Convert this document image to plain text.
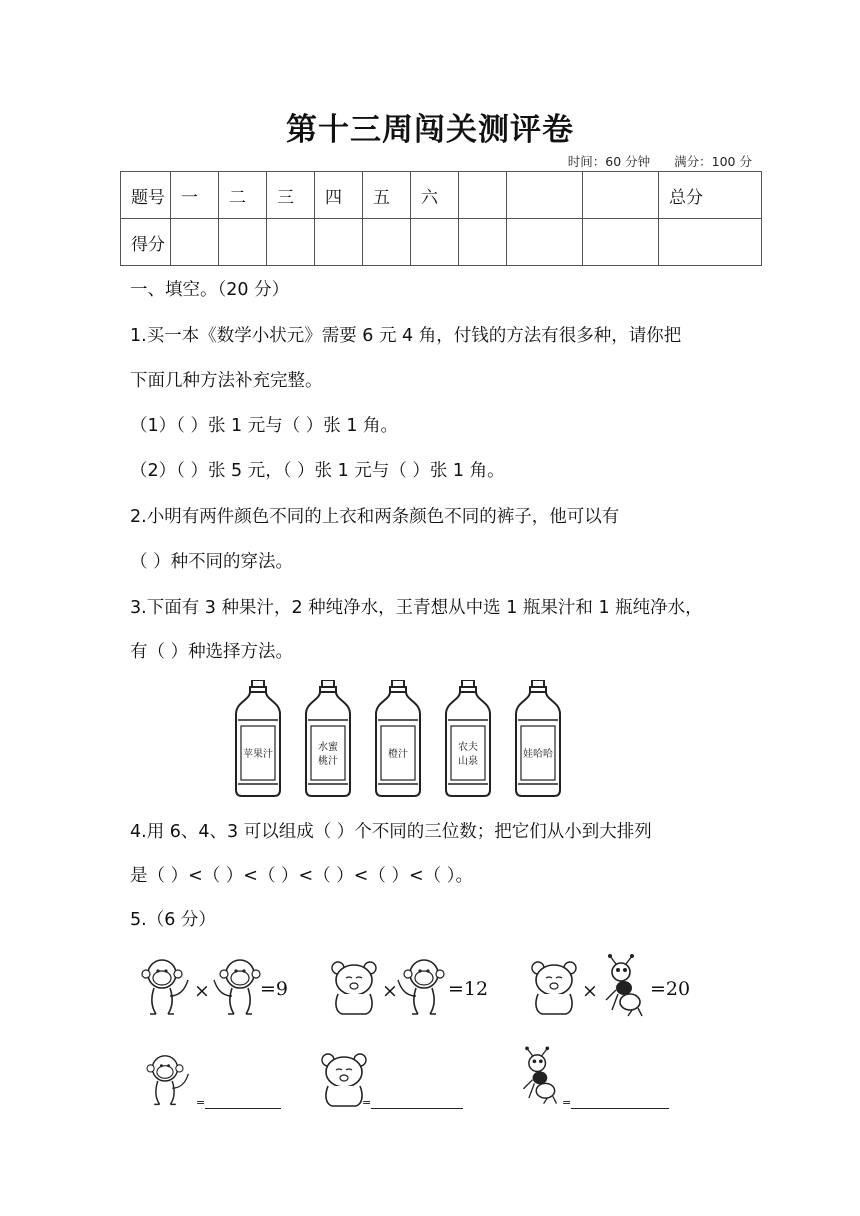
第十三周闯关测评卷
时间：60 分钟 满分：100 分
题号	一	二	三	四	五	六				总分
得分										
一、填空。（20 分）
1.买一本《数学小状元》需要 6 元 4 角，付钱的方法有很多种，请你把
下面几种方法补充完整。
（1）（ ）张 1 元与（ ）张 1 角。
（2）（ ）张 5 元，（ ）张 1 元与（ ）张 1 角。
2.小明有两件颜色不同的上衣和两条颜色不同的裤子，他可以有
（ ）种不同的穿法。
3.下面有 3 种果汁，2 种纯净水，王青想从中选 1 瓶果汁和 1 瓶纯净水，
有（ ）种选择方法。
苹果汁
水蜜
桃汁
橙汁
农夫
山泉
娃哈哈
4.用 6、4、3 可以组成（ ）个不同的三位数；把它们从小到大排列
是（ ）<（ ）<（ ）<（ ）<（ ）<（ ）。
5.（6 分）
×	=9	×	=12	×	=20
=	=	=
